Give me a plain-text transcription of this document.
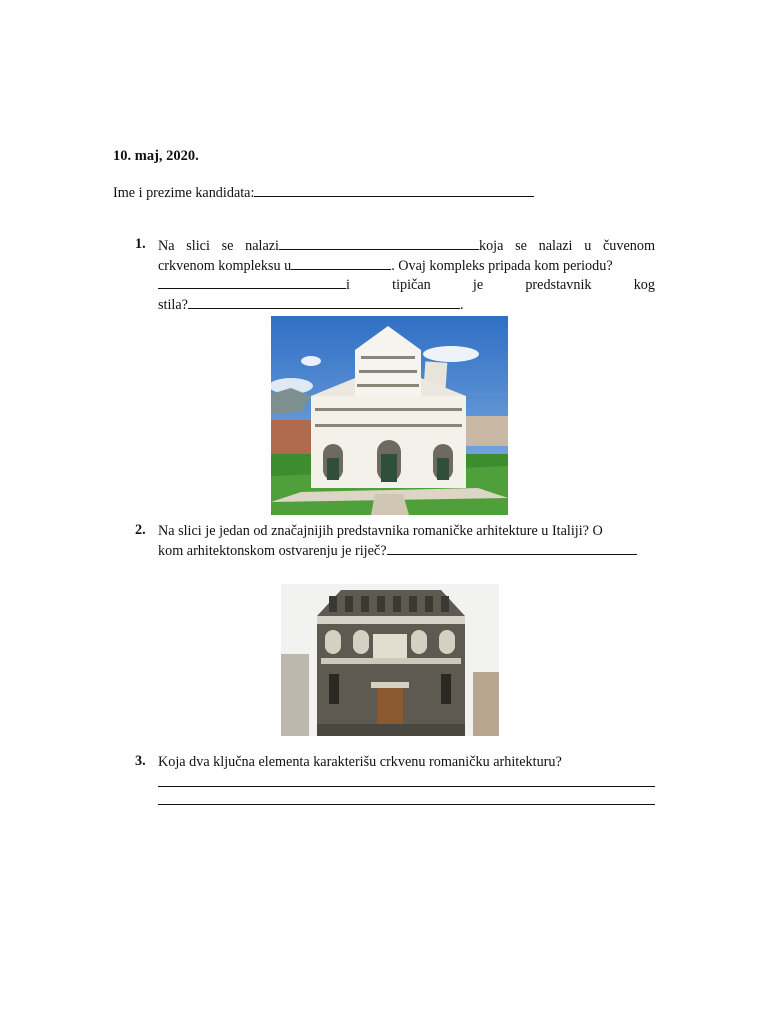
10. maj, 2020.
Ime i prezime kandidata:
1. Na slici se nalazi	koja se nalazi u čuvenom
crkvenom kompleksu u	. Ovaj kompleks pripada kom periodu?
i tipičan je predstavnik kog
stila?	.
2. Na slici je jedan od značajnijih predstavnika romaničke arhitekture u Italiji? O
kom arhitektonskom ostvarenju je riječ?
3. Koja dva ključna elementa karakterišu crkvenu romaničku arhitekturu?
